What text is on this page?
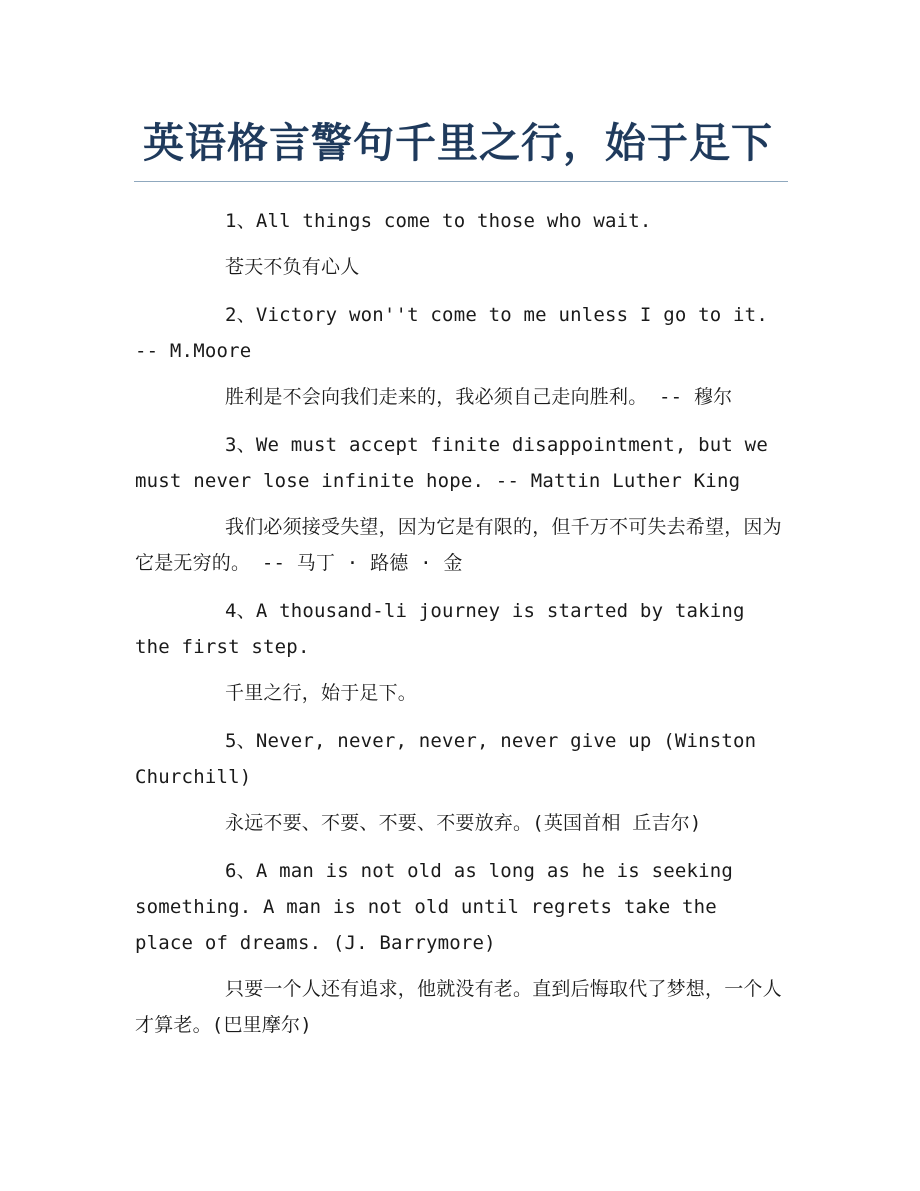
英语格言警句千里之行，始于足下

1、All things come to those who wait.

苍天不负有心人

2、Victory won''t come to me unless I go to it. -- M.Moore

胜利是不会向我们走来的，我必须自己走向胜利。 -- 穆尔

3、We must accept finite disappointment, but we must never lose infinite hope. -- Mattin Luther King

我们必须接受失望，因为它是有限的，但千万不可失去希望，因为它是无穷的。 -- 马丁 · 路德 · 金

4、A thousand-li journey is started by taking the first step.

千里之行，始于足下。

5、Never, never, never, never give up (Winston Churchill)

永远不要、不要、不要、不要放弃。(英国首相 丘吉尔)

6、A man is not old as long as he is seeking something. A man is not old until regrets take the place of dreams. (J. Barrymore)

只要一个人还有追求，他就没有老。直到后悔取代了梦想，一个人才算老。(巴里摩尔)
